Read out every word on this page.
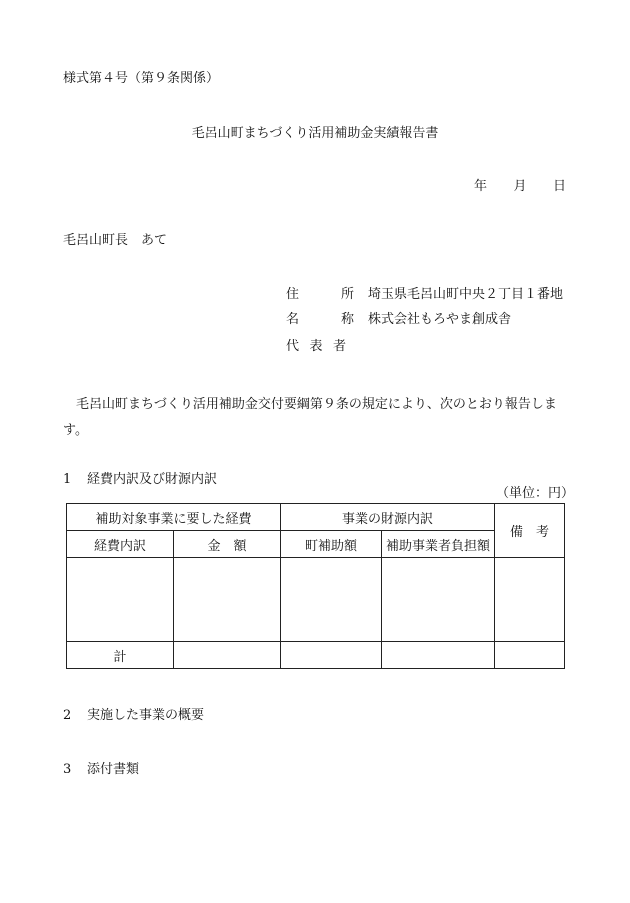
様式第４号（第９条関係）
毛呂山町まちづくり活用補助金実績報告書
年 月 日
毛呂山町長　あて
住所 埼玉県毛呂山町中央２丁目１番地
名称 株式会社もろやま創成舎
代表者
毛呂山町まちづくり活用補助金交付要綱第９条の規定により、次のとおり報告します。
1 経費内訳及び財源内訳
（単位：円）
補助対象事業に要した経費		事業の財源内訳		備　考
経費内訳	金　額	町補助額	補助事業者負担額	

計				
2 実施した事業の概要
3 添付書類
